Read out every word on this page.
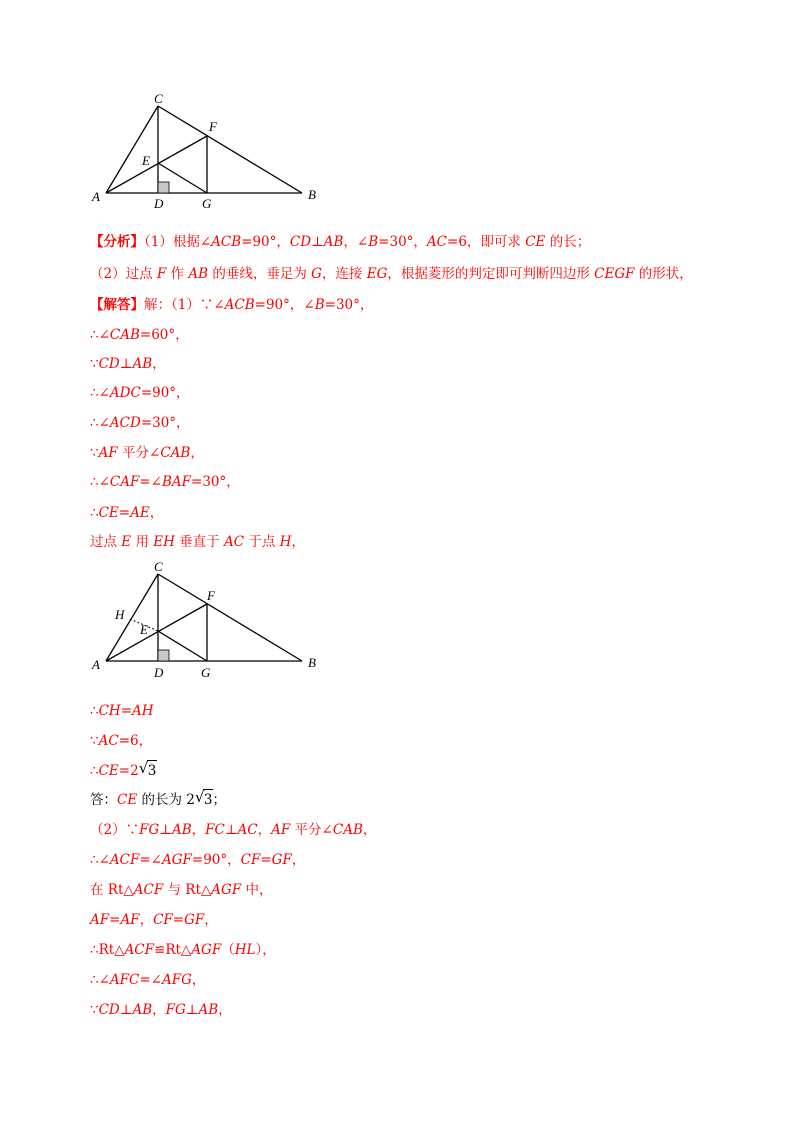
A
C
E
F
D	G
B
【分析】（1）根据∠ACB=90°，CD⊥AB，∠B=30°，AC=6，即可求 CE 的长；
（2）过点 F 作 AB 的垂线，垂足为 G，连接 EG，根据菱形的判定即可判断四边形 CEGF 的形状，
【解答】解：（1）∵∠ACB=90°，∠B=30°，
∴∠CAB=60°，
∵CD⊥AB，
∴∠ADC=90°，
∴∠ACD=30°，
∵AF 平分∠CAB，
∴∠CAF=∠BAF=30°，
∴CE=AE，
过点 E 用 EH 垂直于 AC 于点 H，
A
C
H
E
F
D	G
B
∴CH=AH
∵AC=6，
∴CE=2 √ 3
答：CE 的长为 2 √ 3；
（2）∵FG⊥AB，FC⊥AC，AF 平分∠CAB，
∴∠ACF=∠AGF=90°，CF=GF，
在 Rt△ACF 与 Rt△AGF 中，
AF=AF，CF=GF，
∴Rt△ACF≌Rt△AGF（HL），
∴∠AFC=∠AFG，
∵CD⊥AB，FG⊥AB，
